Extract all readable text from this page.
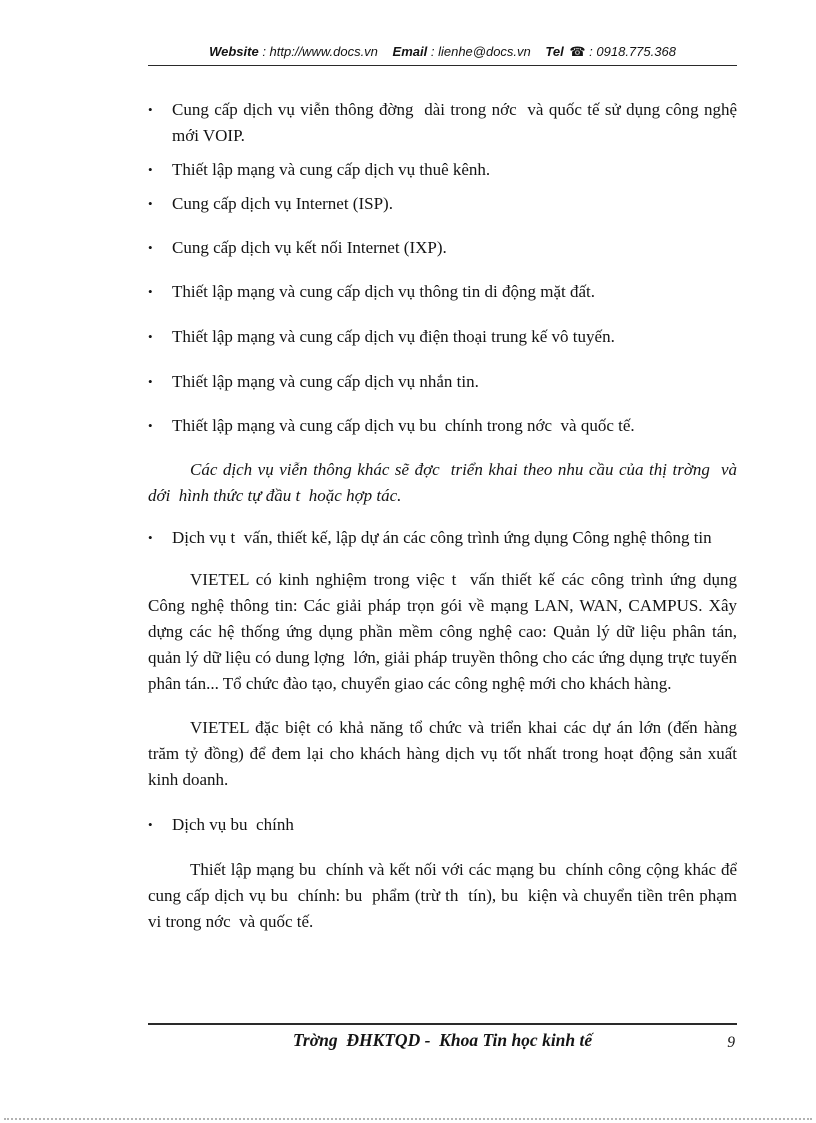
Website : http://www.docs.vn Email : lienhe@docs.vn Tel ☎ : 0918.775.368
•	Cung cấp dịch vụ viễn thông đờng  dài trong nớc  và quốc tế sử dụng công nghệ mới VOIP.
•	Thiết lập mạng và cung cấp dịch vụ thuê kênh.
•	Cung cấp dịch vụ Internet (ISP).
•	Cung cấp dịch vụ kết nối Internet (IXP).
•	Thiết lập mạng và cung cấp dịch vụ thông tin di động mặt đất.
•	Thiết lập mạng và cung cấp dịch vụ điện thoại trung kế vô tuyến.
•	Thiết lập mạng và cung cấp dịch vụ nhắn tin.
•	Thiết lập mạng và cung cấp dịch vụ bu  chính trong nớc  và quốc tế.

Các dịch vụ viễn thông khác sẽ đợc  triển khai theo nhu cầu của thị trờng  và dới  hình thức tự đầu t  hoặc hợp tác.

•	Dịch vụ t  vấn, thiết kế, lập dự án các công trình ứng dụng Công nghệ thông tin

VIETEL có kinh nghiệm trong việc t  vấn thiết kế các công trình ứng dụng Công nghệ thông tin: Các giải pháp trọn gói về mạng LAN, WAN, CAMPUS. Xây dựng các hệ thống ứng dụng phần mềm công nghệ cao: Quản lý dữ liệu phân tán, quản lý dữ liệu có dung lợng  lớn, giải pháp truyền thông cho các ứng dụng trực tuyến phân tán... Tổ chức đào tạo, chuyển giao các công nghệ mới cho khách hàng.

VIETEL đặc biệt có khả năng tổ chức và triển khai các dự án lớn (đến hàng trăm tỷ đồng) để đem lại cho khách hàng dịch vụ tốt nhất trong hoạt động sản xuất kinh doanh.

•	Dịch vụ bu  chính

Thiết lập mạng bu  chính và kết nối với các mạng bu  chính công cộng khác để cung cấp dịch vụ bu  chính: bu  phẩm (trừ th  tín), bu  kiện và chuyển tiền trên phạm vi trong nớc  và quốc tế.

Trờng  ĐHKTQD -  Khoa Tin học kinh tế	9
